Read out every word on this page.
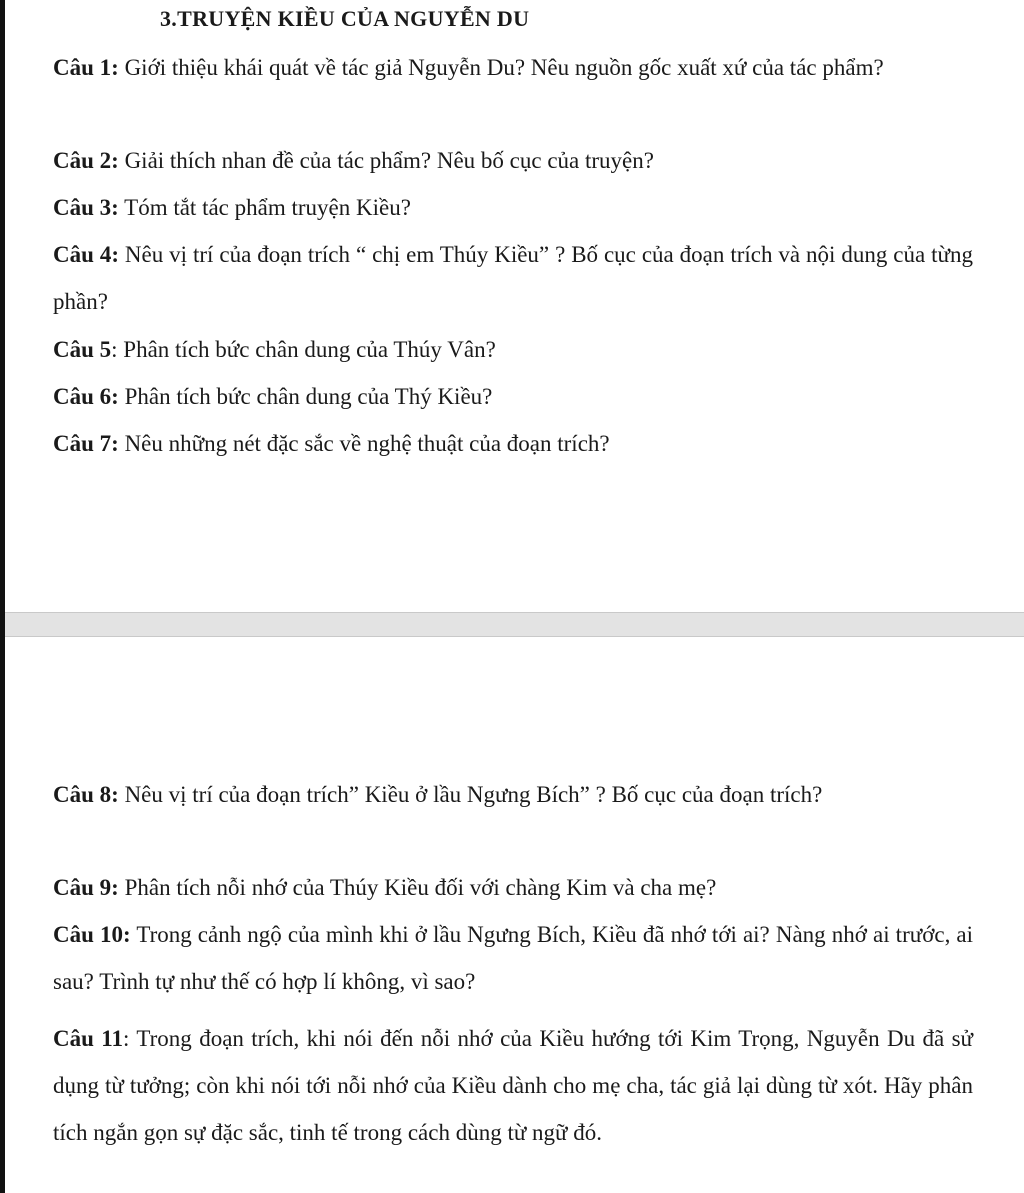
3.TRUYỆN KIỀU CỦA NGUYỄN DU

Câu 1: Giới thiệu khái quát về tác giả Nguyễn Du? Nêu nguồn gốc xuất xứ của tác phẩm?

Câu 2: Giải thích nhan đề của tác phẩm? Nêu bố cục của truyện?

Câu 3: Tóm tắt tác phẩm truyện Kiều?

Câu 4: Nêu vị trí của đoạn trích “ chị em Thúy Kiều” ? Bố cục của đoạn trích và nội dung của từng phần?

Câu 5: Phân tích bức chân dung của Thúy Vân?

Câu 6: Phân tích bức chân dung của Thý Kiều?

Câu 7: Nêu những nét đặc sắc về nghệ thuật của đoạn trích?

Câu 8: Nêu vị trí của đoạn trích” Kiều ở lầu Ngưng Bích” ? Bố cục của đoạn trích?

Câu 9: Phân tích nỗi nhớ của Thúy Kiều đối với chàng Kim và cha mẹ?

Câu 10: Trong cảnh ngộ của mình khi ở lầu Ngưng Bích, Kiều đã nhớ tới ai? Nàng nhớ ai trước, ai sau? Trình tự như thế có hợp lí không, vì sao?

Câu 11: Trong đoạn trích, khi nói đến nỗi nhớ của Kiều hướng tới Kim Trọng, Nguyễn Du đã sử dụng từ tưởng; còn khi nói tới nỗi nhớ của Kiều dành cho mẹ cha, tác giả lại dùng từ xót. Hãy phân tích ngắn gọn sự đặc sắc, tinh tế trong cách dùng từ ngữ đó.
